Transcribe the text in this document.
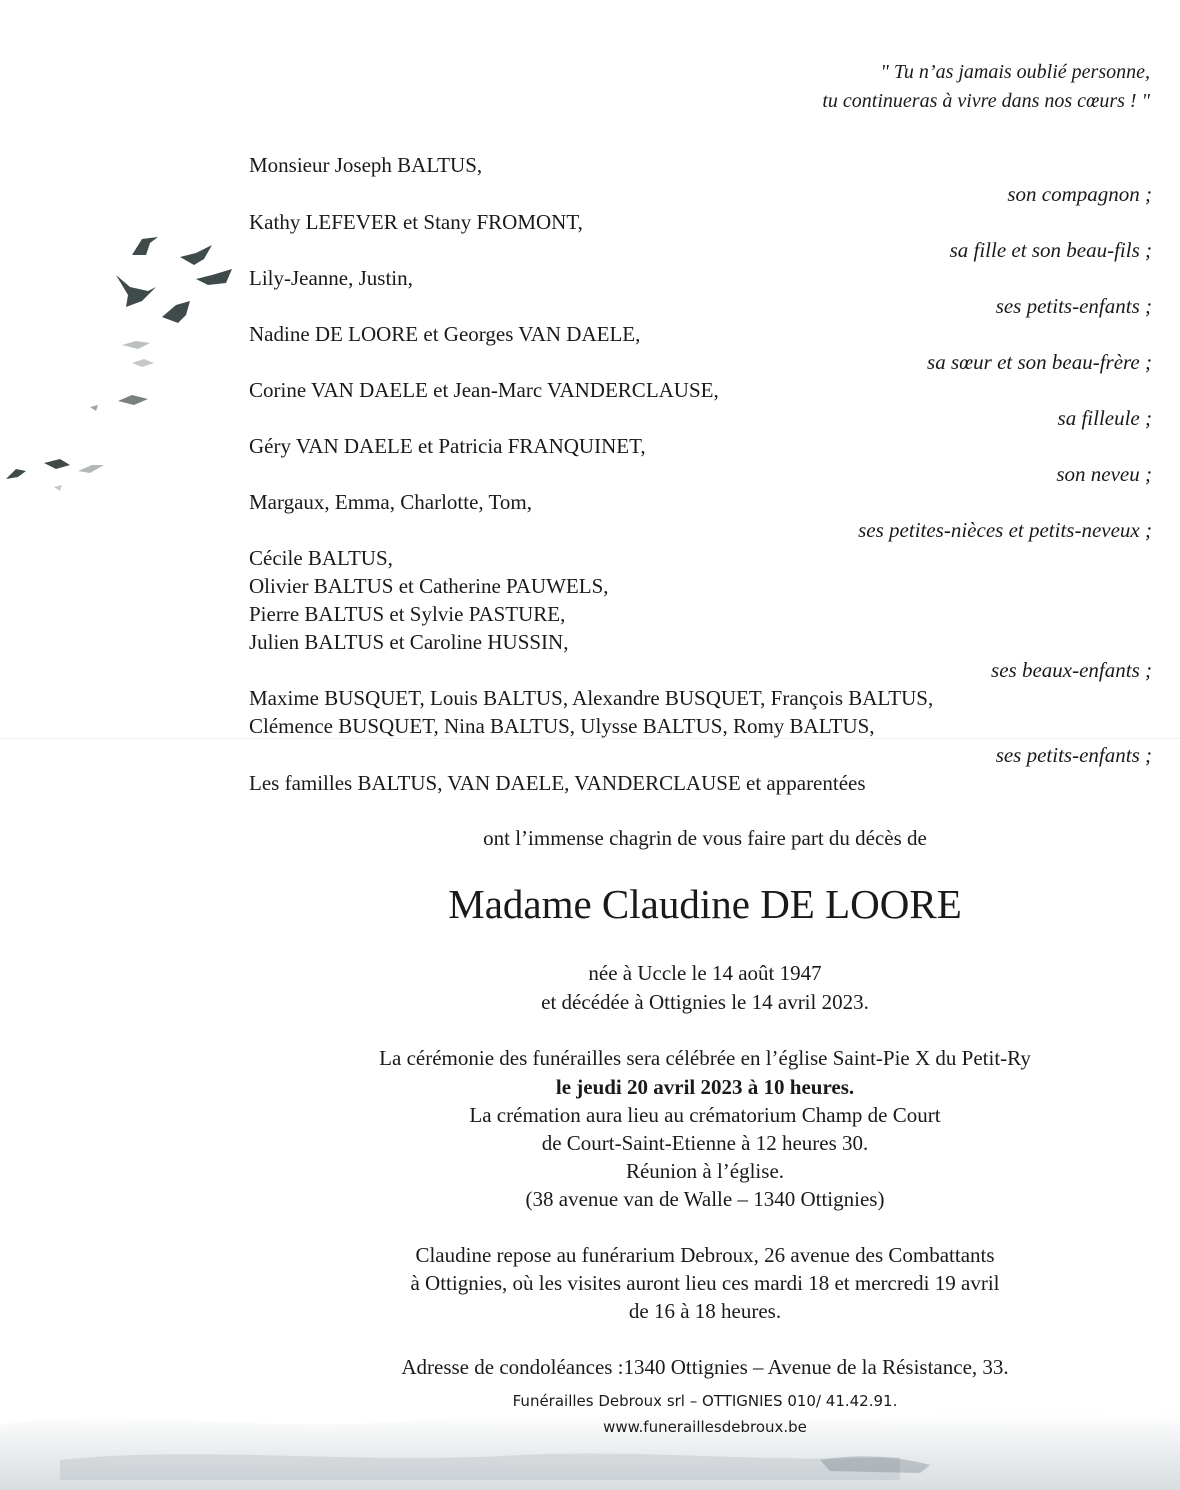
" Tu n’as jamais oublié personne,
tu continueras à vivre dans nos cœurs ! "
Monsieur Joseph BALTUS,
son compagnon ;
Kathy LEFEVER et Stany FROMONT,
sa fille et son beau-fils ;
Lily-Jeanne, Justin,
ses petits-enfants ;
Nadine DE LOORE et Georges VAN DAELE,
sa sœur et son beau-frère ;
Corine VAN DAELE et Jean-Marc VANDERCLAUSE,
sa filleule ;
Géry VAN DAELE et Patricia FRANQUINET,
son neveu ;
Margaux, Emma, Charlotte, Tom,
ses petites-nièces et petits-neveux ;
Cécile BALTUS,
Olivier BALTUS et Catherine PAUWELS,
Pierre BALTUS et Sylvie PASTURE,
Julien BALTUS et Caroline HUSSIN,
ses beaux-enfants ;
Maxime BUSQUET, Louis BALTUS, Alexandre BUSQUET, François BALTUS,
Clémence BUSQUET, Nina BALTUS, Ulysse BALTUS, Romy BALTUS,
ses petits-enfants ;
Les familles BALTUS, VAN DAELE, VANDERCLAUSE et apparentées
ont l’immense chagrin de vous faire part du décès de
Madame Claudine DE LOORE
née à Uccle le 14 août 1947
et décédée à Ottignies le 14 avril 2023.
La cérémonie des funérailles sera célébrée en l’église Saint-Pie X du Petit-Ry
le jeudi 20 avril 2023 à 10 heures.
La crémation aura lieu au crématorium Champ de Court
de Court-Saint-Etienne à 12 heures 30.
Réunion à l’église.
(38 avenue van de Walle – 1340 Ottignies)
Claudine repose au funérarium Debroux, 26 avenue des Combattants
à Ottignies, où les visites auront lieu ces mardi 18 et mercredi 19 avril
de 16 à 18 heures.
Adresse de condoléances :1340 Ottignies – Avenue de la Résistance, 33.
Funérailles Debroux srl – OTTIGNIES 010/ 41.42.91.
www.funeraillesdebroux.be
